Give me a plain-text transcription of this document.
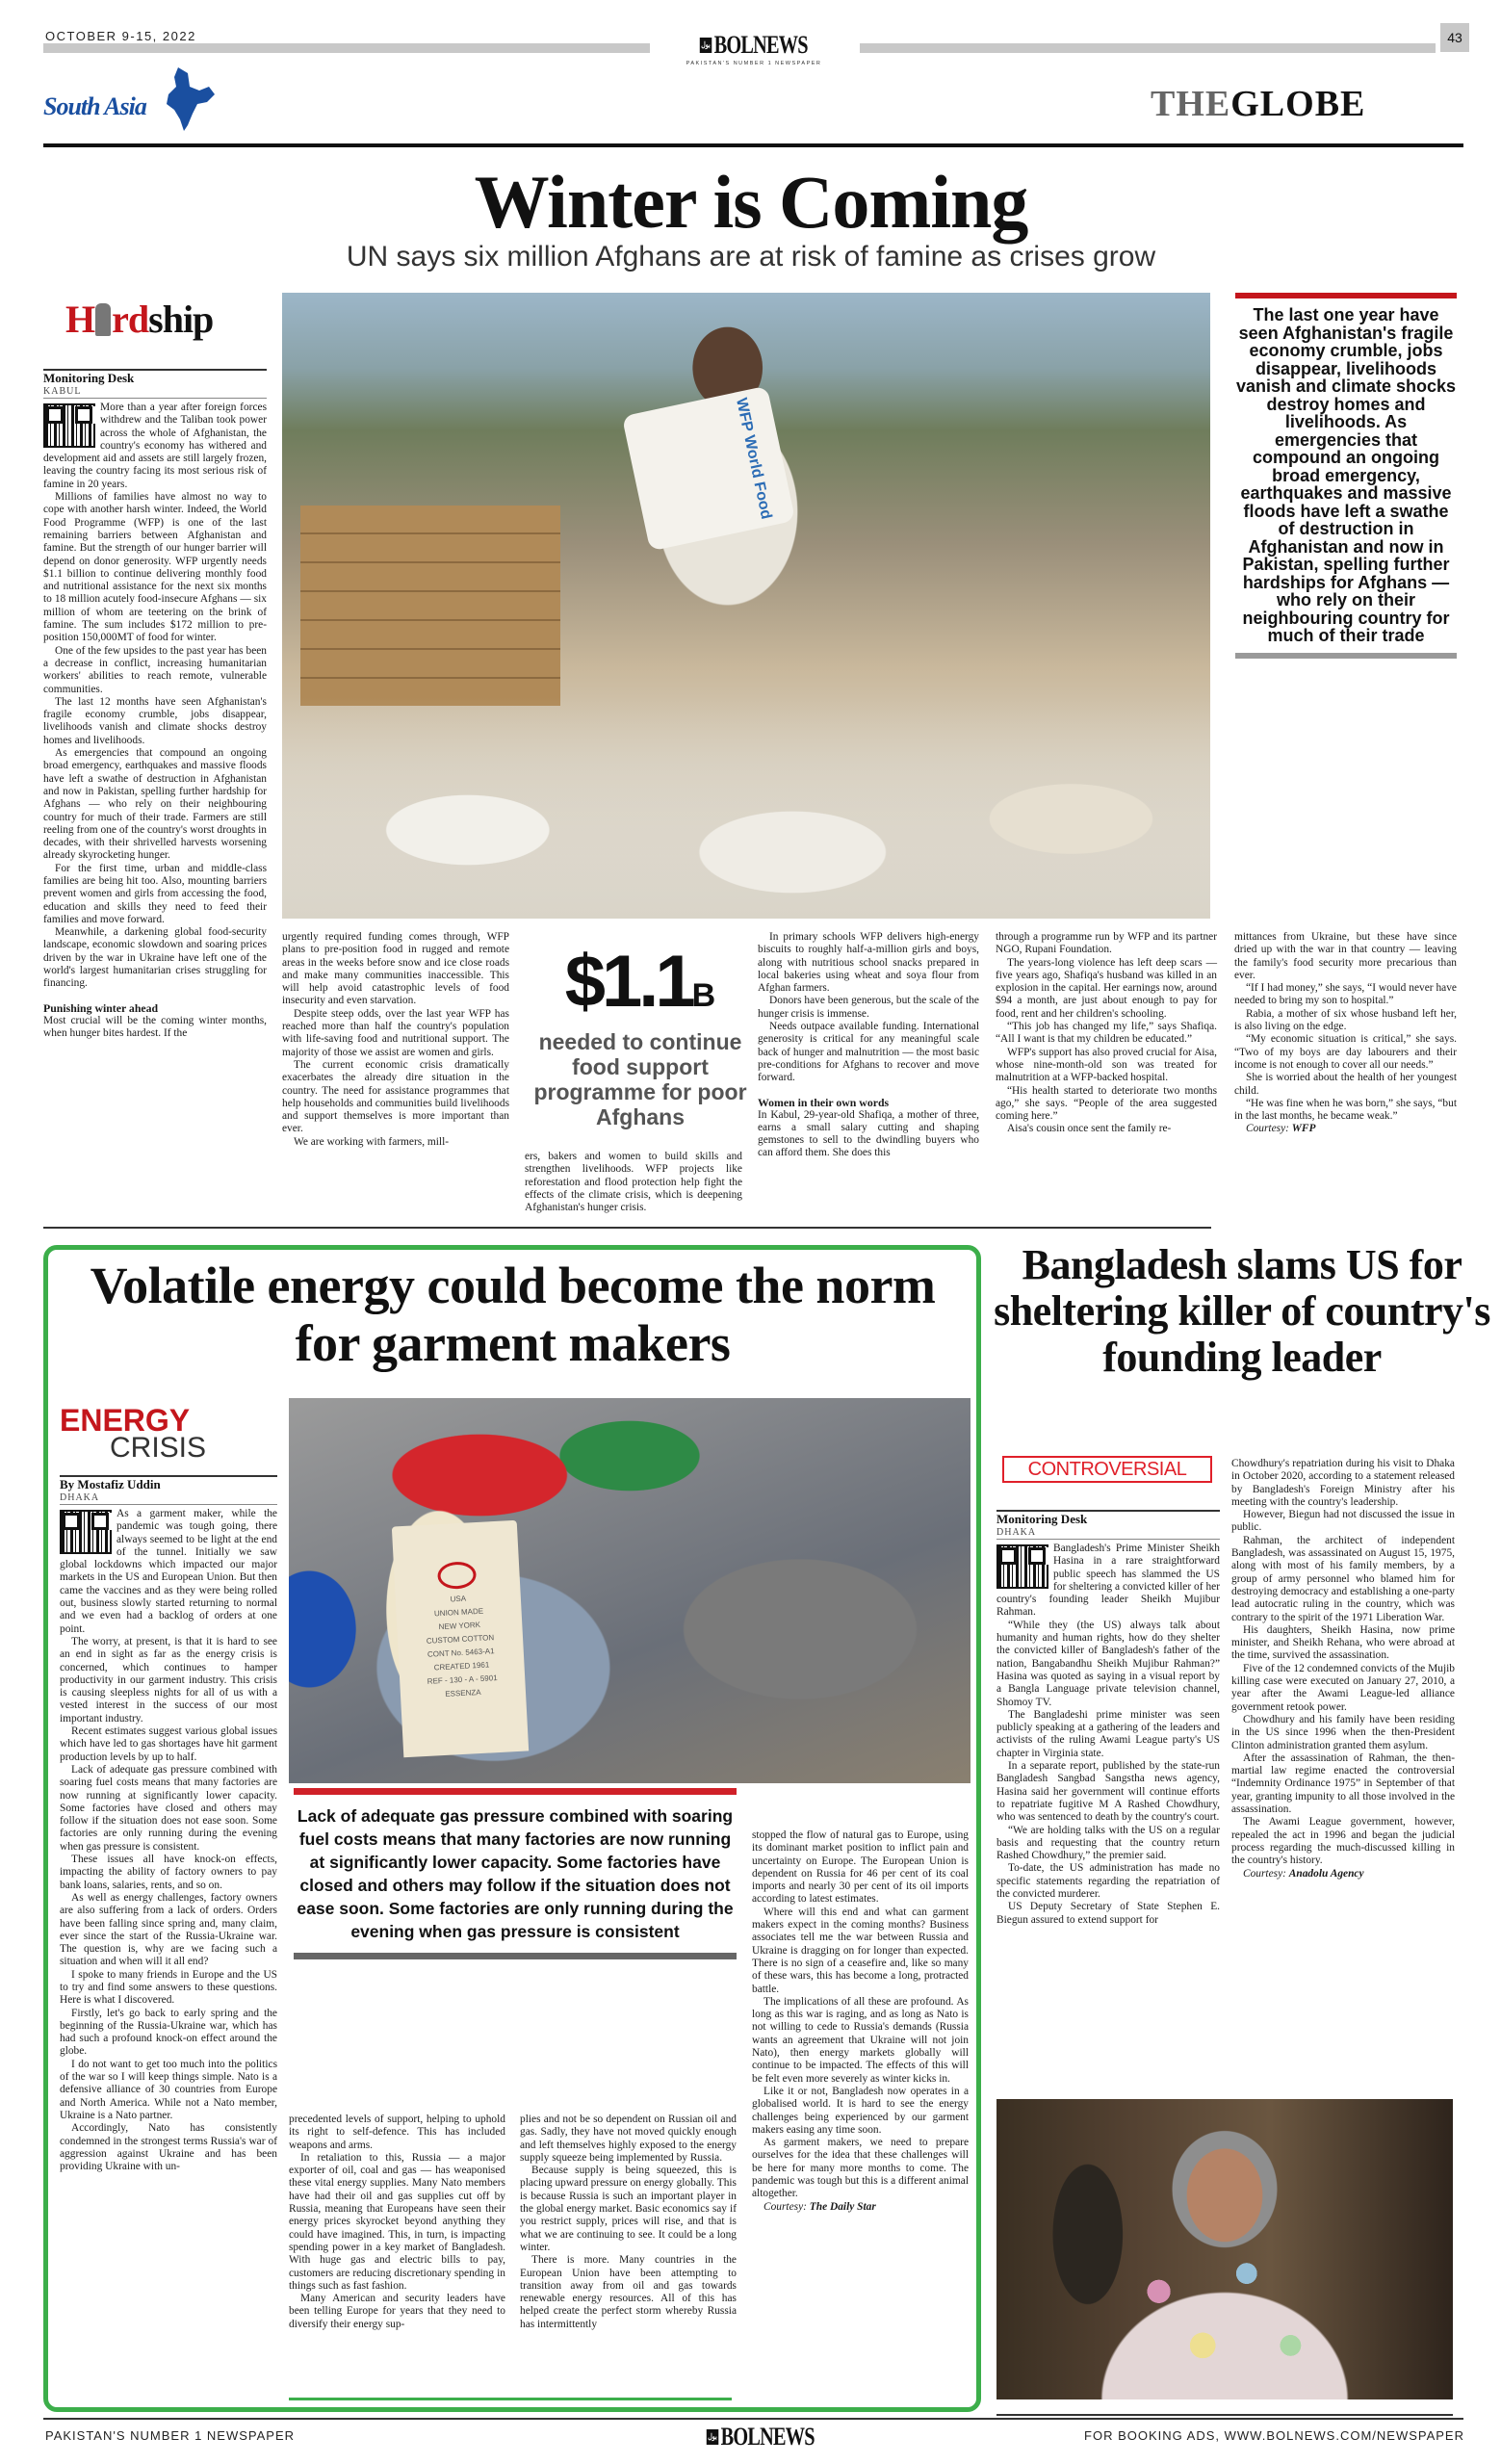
OCTOBER 9-15, 2022	43
بول BOLNEWS
PAKISTAN'S NUMBER 1 NEWSPAPER
South Asia	THEGLOBE
Winter is Coming
UN says six million Afghans are at risk of famine as crises grow
H rdship
Monitoring Desk
KABUL

More than a year after foreign forces withdrew and the Taliban took power across the whole of Afghanistan, the country's economy has withered and development aid and assets are still largely frozen, leaving the country facing its most serious risk of famine in 20 years.

Millions of families have almost no way to cope with another harsh winter. Indeed, the World Food Programme (WFP) is one of the last remaining barriers between Afghanistan and famine. But the strength of our hunger barrier will depend on donor generosity. WFP urgently needs $1.1 billion to continue delivering monthly food and nutritional assistance for the next six months to 18 million acutely food-insecure Afghans — six million of whom are teetering on the brink of famine. The sum includes $172 million to pre-position 150,000MT of food for winter.

One of the few upsides to the past year has been a decrease in conflict, increasing humanitarian workers' abilities to reach remote, vulnerable communities.

The last 12 months have seen Afghanistan's fragile economy crumble, jobs disappear, livelihoods vanish and climate shocks destroy homes and livelihoods.

As emergencies that compound an ongoing broad emergency, earthquakes and massive floods have left a swathe of destruction in Afghanistan and now in Pakistan, spelling further hardship for Afghans — who rely on their neighbouring country for much of their trade. Farmers are still reeling from one of the country's worst droughts in decades, with their shrivelled harvests worsening already skyrocketing hunger.

For the first time, urban and middle-class families are being hit too. Also, mounting barriers prevent women and girls from accessing the food, education and skills they need to feed their families and move forward.

Meanwhile, a darkening global food-security landscape, economic slowdown and soaring prices driven by the war in Ukraine have left one of the world's largest humanitarian crises struggling for financing.

Punishing winter ahead

Most crucial will be the coming winter months, when hunger bites hardest. If the

WFP World Food
The last one year have seen Afghanistan's fragile economy crumble, jobs disappear, livelihoods vanish and climate shocks destroy homes and livelihoods. As emergencies that compound an ongoing broad emergency, earthquakes and massive floods have left a swathe of destruction in Afghanistan and now in Pakistan, spelling further hardships for Afghans — who rely on their neighbouring country for much of their trade

urgently required funding comes through, WFP plans to pre-position food in rugged and remote areas in the weeks before snow and ice close roads and make many communities inaccessible. This will help avoid catastrophic levels of food insecurity and even starvation.

Despite steep odds, over the last year WFP has reached more than half the country's population with life-saving food and nutritional support. The majority of those we assist are women and girls.

The current economic crisis dramatically exacerbates the already dire situation in the country. The need for assistance programmes that help households and communities build livelihoods and support themselves is more important than ever.

We are working with farmers, mill-

$1.1B
needed to continue food support programme for poor Afghans

ers, bakers and women to build skills and strengthen livelihoods. WFP projects like reforestation and flood protection help fight the effects of the climate crisis, which is deepening Afghanistan's hunger crisis.

In primary schools WFP delivers high-energy biscuits to roughly half-a-million girls and boys, along with nutritious school snacks prepared in local bakeries using wheat and soya flour from Afghan farmers.

Donors have been generous, but the scale of the hunger crisis is immense.

Needs outpace available funding. International generosity is critical for any meaningful scale back of hunger and malnutrition — the most basic pre-conditions for Afghans to recover and move forward.

Women in their own words

In Kabul, 29-year-old Shafiqa, a mother of three, earns a small salary cutting and shaping gemstones to sell to the dwindling buyers who can afford them. She does this

through a programme run by WFP and its partner NGO, Rupani Foundation.

The years-long violence has left deep scars — five years ago, Shafiqa's husband was killed in an explosion in the capital. Her earnings now, around $94 a month, are just about enough to pay for food, rent and her children's schooling.

“This job has changed my life,” says Shafiqa. “All I want is that my children be educated.”

WFP's support has also proved crucial for Aisa, whose nine-month-old son was treated for malnutrition at a WFP-backed hospital.

“His health started to deteriorate two months ago,” she says. “People of the area suggested coming here.”

Aisa's cousin once sent the family re-

mittances from Ukraine, but these have since dried up with the war in that country — leaving the family's food security more precarious than ever.

“If I had money,” she says, “I would never have needed to bring my son to hospital.”

Rabia, a mother of six whose husband left her, is also living on the edge.

“My economic situation is critical,” she says. “Two of my boys are day labourers and their income is not enough to cover all our needs.”

She is worried about the health of her youngest child.

“He was fine when he was born,” she says, “but in the last months, he became weak.”

Courtesy: WFP

Volatile energy could become the norm for garment makers
ENERGY
CRISIS
By Mostafiz Uddin
DHAKA

As a garment maker, while the pandemic was tough going, there always seemed to be light at the end of the tunnel. Initially we saw global lockdowns which impacted our major markets in the US and European Union. But then came the vaccines and as they were being rolled out, business slowly started returning to normal and we even had a backlog of orders at one point.

The worry, at present, is that it is hard to see an end in sight as far as the energy crisis is concerned, which continues to hamper productivity in our garment industry. This crisis is causing sleepless nights for all of us with a vested interest in the success of our most important industry.

Recent estimates suggest various global issues which have led to gas shortages have hit garment production levels by up to half.

Lack of adequate gas pressure combined with soaring fuel costs means that many factories are now running at significantly lower capacity. Some factories have closed and others may follow if the situation does not ease soon. Some factories are only running during the evening when gas pressure is consistent.

These issues all have knock-on effects, impacting the ability of factory owners to pay bank loans, salaries, rents, and so on.

As well as energy challenges, factory owners are also suffering from a lack of orders. Orders have been falling since spring and, many claim, ever since the start of the Russia-Ukraine war. The question is, why are we facing such a situation and when will it all end?

I spoke to many friends in Europe and the US to try and find some answers to these questions. Here is what I discovered.

Firstly, let's go back to early spring and the beginning of the Russia-Ukraine war, which has had such a profound knock-on effect around the globe.

I do not want to get too much into the politics of the war so I will keep things simple. Nato is a defensive alliance of 30 countries from Europe and North America. While not a Nato member, Ukraine is a Nato partner.

Accordingly, Nato has consistently condemned in the strongest terms Russia's war of aggression against Ukraine and has been providing Ukraine with un-

USA
UNION MADE
NEW YORK
CUSTOM COTTON
CONT No. 5463-A1
CREATED 1961
REF - 130 - A - 5901
ESSENZA
Lack of adequate gas pressure combined with soaring fuel costs means that many factories are now running at significantly lower capacity. Some factories have closed and others may follow if the situation does not ease soon. Some factories are only running during the evening when gas pressure is consistent

precedented levels of support, helping to uphold its right to self-defence. This has included weapons and arms.

In retaliation to this, Russia — a major exporter of oil, coal and gas — has weaponised these vital energy supplies. Many Nato members have had their oil and gas supplies cut off by Russia, meaning that Europeans have seen their energy prices skyrocket beyond anything they could have imagined. This, in turn, is impacting spending power in a key market of Bangladesh. With huge gas and electric bills to pay, customers are reducing discretionary spending in things such as fast fashion.

Many American and security leaders have been telling Europe for years that they need to diversify their energy sup-

plies and not be so dependent on Russian oil and gas. Sadly, they have not moved quickly enough and left themselves highly exposed to the energy supply squeeze being implemented by Russia.

Because supply is being squeezed, this is placing upward pressure on energy globally. This is because Russia is such an important player in the global energy market. Basic economics say if you restrict supply, prices will rise, and that is what we are continuing to see. It could be a long winter.

There is more. Many countries in the European Union have been attempting to transition away from oil and gas towards renewable energy resources. All of this has helped create the perfect storm whereby Russia has intermittently

stopped the flow of natural gas to Europe, using its dominant market position to inflict pain and uncertainty on Europe. The European Union is dependent on Russia for 46 per cent of its coal imports and nearly 30 per cent of its oil imports according to latest estimates.

Where will this end and what can garment makers expect in the coming months? Business associates tell me the war between Russia and Ukraine is dragging on for longer than expected. There is no sign of a ceasefire and, like so many of these wars, this has become a long, protracted battle.

The implications of all these are profound. As long as this war is raging, and as long as Nato is not willing to cede to Russia's demands (Russia wants an agreement that Ukraine will not join Nato), then energy markets globally will continue to be impacted. The effects of this will be felt even more severely as winter kicks in.

Like it or not, Bangladesh now operates in a globalised world. It is hard to see the energy challenges being experienced by our garment makers easing any time soon.

As garment makers, we need to prepare ourselves for the idea that these challenges will be here for many more months to come. The pandemic was tough but this is a different animal altogether.

Courtesy: The Daily Star

Bangladesh slams US for sheltering killer of country's founding leader
CONTROVERSIAL
Monitoring Desk
DHAKA

Bangladesh's Prime Minister Sheikh Hasina in a rare straightforward public speech has slammed the US for sheltering a convicted killer of her country's founding leader Sheikh Mujibur Rahman.

“While they (the US) always talk about humanity and human rights, how do they shelter the convicted killer of Bangladesh's father of the nation, Bangabandhu Sheikh Mujibur Rahman?” Hasina was quoted as saying in a visual report by a Bangla Language private television channel, Shomoy TV.

The Bangladeshi prime minister was seen publicly speaking at a gathering of the leaders and activists of the ruling Awami League party's US chapter in Virginia state.

In a separate report, published by the state-run Bangladesh Sangbad Sangstha news agency, Hasina said her government will continue efforts to repatriate fugitive M A Rashed Chowdhury, who was sentenced to death by the country's court.

“We are holding talks with the US on a regular basis and requesting that the country return Rashed Chowdhury,” the premier said.

To-date, the US administration has made no specific statements regarding the repatriation of the convicted murderer.

US Deputy Secretary of State Stephen E. Biegun assured to extend support for

Chowdhury's repatriation during his visit to Dhaka in October 2020, according to a statement released by Bangladesh's Foreign Ministry after his meeting with the country's leadership.

However, Biegun had not discussed the issue in public.

Rahman, the architect of independent Bangladesh, was assassinated on August 15, 1975, along with most of his family members, by a group of army personnel who blamed him for destroying democracy and establishing a one-party lead autocratic ruling in the country, which was contrary to the spirit of the 1971 Liberation War.

His daughters, Sheikh Hasina, now prime minister, and Sheikh Rehana, who were abroad at the time, survived the assassination.

Five of the 12 condemned convicts of the Mujib killing case were executed on January 27, 2010, a year after the Awami League-led alliance government retook power.

Chowdhury and his family have been residing in the US since 1996 when the then-President Clinton administration granted them asylum.

After the assassination of Rahman, the then-martial law regime enacted the controversial “Indemnity Ordinance 1975” in September of that year, granting impunity to all those involved in the assassination.

The Awami League government, however, repealed the act in 1996 and began the judicial process regarding the much-discussed killing in the country's history.

Courtesy: Anadolu Agency

PAKISTAN'S NUMBER 1 NEWSPAPER	بول BOLNEWS	FOR BOOKING ADS, WWW.BOLNEWS.COM/NEWSPAPER
